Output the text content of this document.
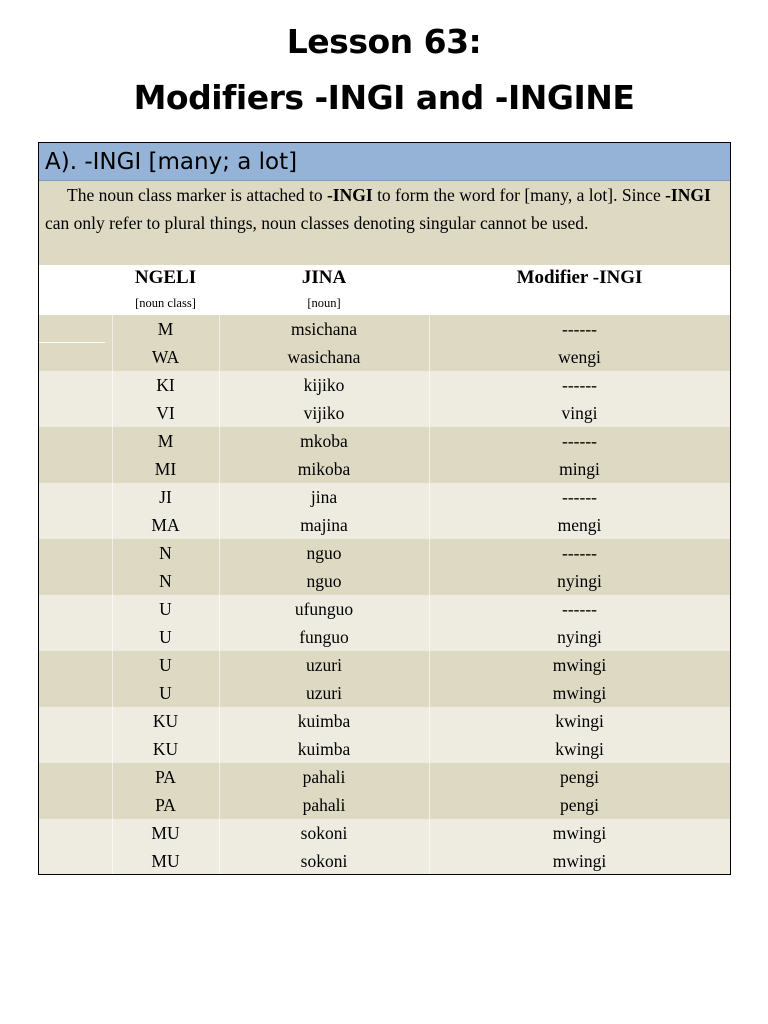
Lesson 63:
Modifiers -INGI and -INGINE
A). -INGI [many; a lot]

The noun class marker is attached to -INGI to form the word for [many, a lot]. Since -INGI can only refer to plural things, noun classes denoting singular cannot be used.

NGELI
[noun class]
JINA
[noun]
Modifier -INGI
M	msichana	------
WA	wasichana	wengi
KI	kijiko	------
VI	vijiko	vingi
M	mkoba	------
MI	mikoba	mingi
JI	jina	------
MA	majina	mengi
N	nguo	------
N	nguo	nyingi
U	ufunguo	------
U	funguo	nyingi
U	uzuri	mwingi
U	uzuri	mwingi
KU	kuimba	kwingi
KU	kuimba	kwingi
PA	pahali	pengi
PA	pahali	pengi
MU	sokoni	mwingi
MU	sokoni	mwingi
